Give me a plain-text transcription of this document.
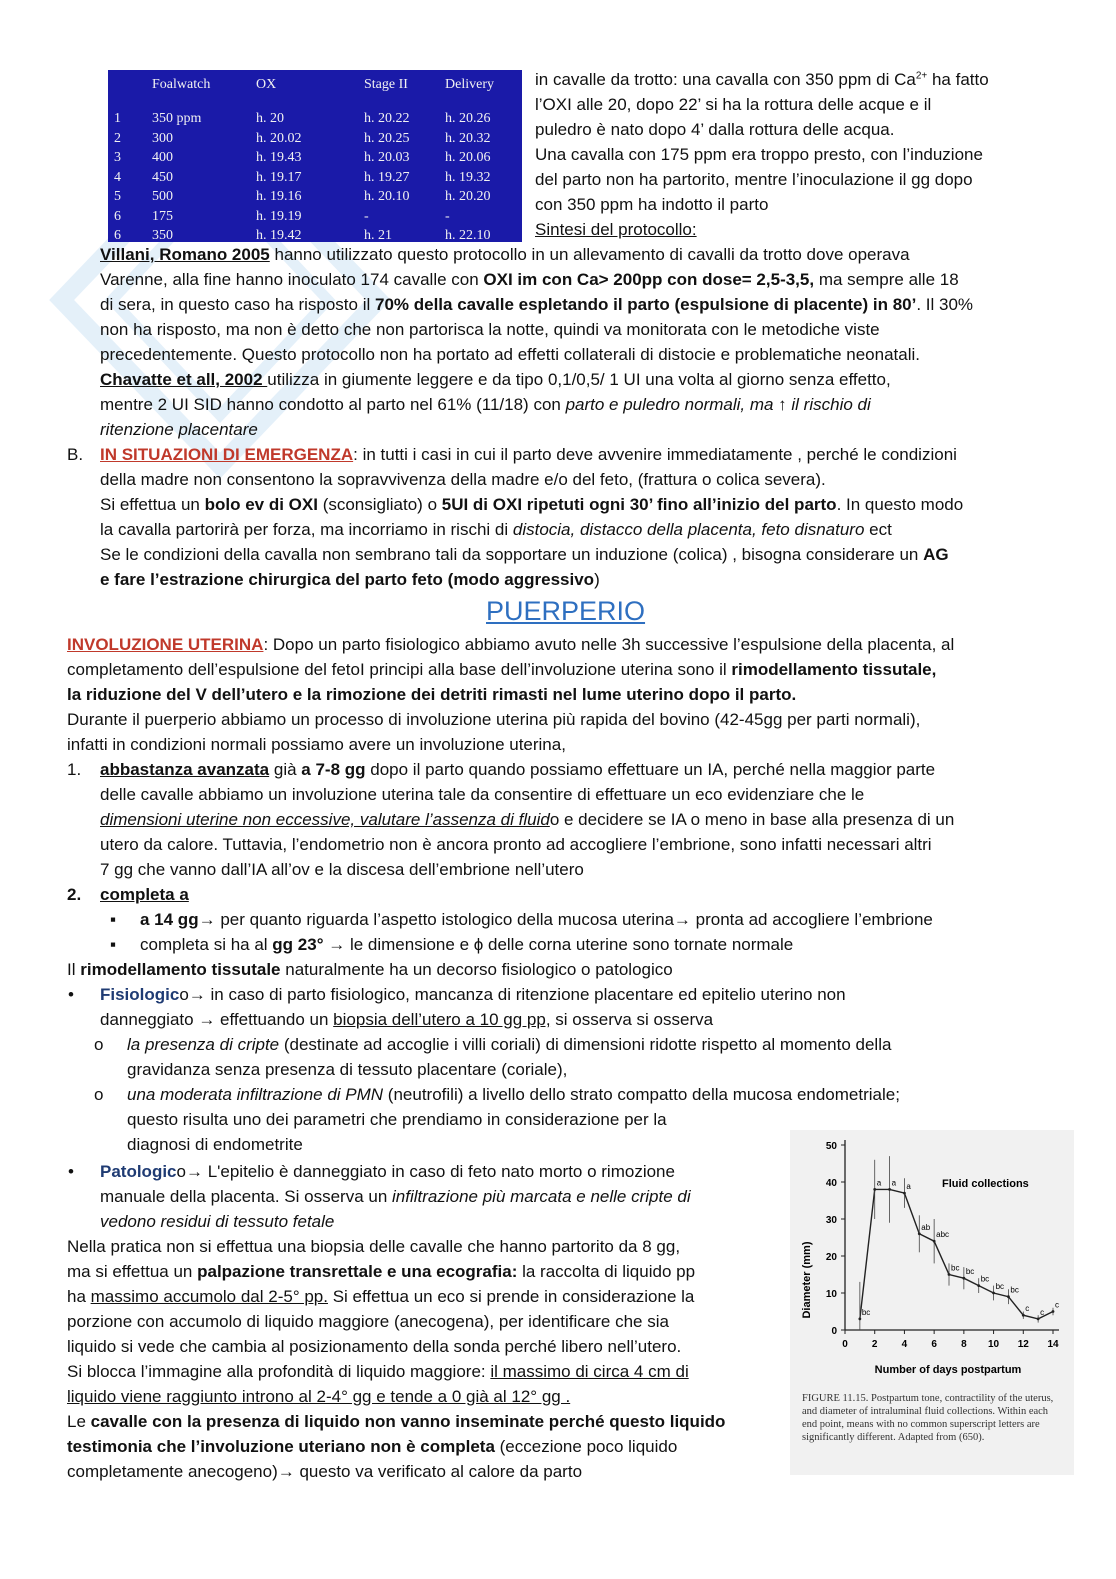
Foalwatch	OX	Stage II	Delivery
1 350 ppm	h. 20	h. 20.22	h. 20.26
2 300	h. 20.02	h. 20.25	h. 20.32
3 400	h. 19.43	h. 20.03	h. 20.06
4 450	h. 19.17	h. 19.27	h. 19.32
5 500	h. 19.16	h. 20.10	h. 20.20
6 175	h. 19.19	-	-
6 350	h. 19.42	h. 21	h. 22.10
in cavalle da trotto: una cavalla con 350 ppm di $Ca^{2+}$ ha fatto
l’OXI alle 20, dopo 22’ si ha la rottura delle acque e il
puledro è nato dopo 4’ dalla rottura delle acqua.
Una cavalla con 175 ppm era troppo presto, con l’induzione
del parto non ha partorito, mentre l’inoculazione il gg dopo
con 350 ppm ha indotto il parto
Sintesi del protocollo:
Villani, Romano 2005 hanno utilizzato questo protocollo in un allevamento di cavalli da trotto dove operava
Varenne, alla fine hanno inoculato 174 cavalle con OXI im con Ca> 200pp con dose= 2,5-3,5, ma sempre alle 18
di sera, in questo caso ha risposto il 70% della cavalle espletando il parto (espulsione di placente) in 80’. Il 30%
non ha risposto, ma non è detto che non partorisca la notte, quindi va monitorata con le metodiche viste
precedentemente. Questo protocollo non ha portato ad effetti collaterali di distocie e problematiche neonatali.
Chavatte et all, 2002 utilizza in giumente leggere e da tipo 0,1/0,5/ 1 UI una volta al giorno senza effetto,
mentre 2 UI SID hanno condotto al parto nel 61% (11/18) con parto e puledro normali, ma ↑ il rischio di
ritenzione placentare
B. IN SITUAZIONI DI EMERGENZA: in tutti i casi in cui il parto deve avvenire immediatamente , perché le condizioni
della madre non consentono la sopravvivenza della madre e/o del feto, (frattura o colica severa).
Si effettua un bolo ev di OXI (sconsigliato) o 5UI di OXI ripetuti ogni 30’ fino all’inizio del parto. In questo modo
la cavalla partorirà per forza, ma incorriamo in rischi di distocia, distacco della placenta, feto disnaturo ect
Se le condizioni della cavalla non sembrano tali da sopportare un induzione (colica) , bisogna considerare un AG
e fare l’estrazione chirurgica del parto feto (modo aggressivo)
PUERPERIO
INVOLUZIONE UTERINA: Dopo un parto fisiologico abbiamo avuto nelle 3h successive l’espulsione della placenta, al
completamento dell’espulsione del fetoI principi alla base dell’involuzione uterina sono il rimodellamento tissutale,
la riduzione del V dell’utero e la rimozione dei detriti rimasti nel lume uterino dopo il parto.
Durante il puerperio abbiamo un processo di involuzione uterina più rapida del bovino (42-45gg per parti normali),
infatti in condizioni normali possiamo avere un involuzione uterina,
1. abbastanza avanzata già a 7-8 gg dopo il parto quando possiamo effettuare un IA, perché nella maggior parte
delle cavalle abbiamo un involuzione uterina tale da consentire di effettuare un eco evidenziare che le
dimensioni uterine non eccessive, valutare l’assenza di fluido e decidere se IA o meno in base alla presenza di un
utero da calore. Tuttavia, l’endometrio non è ancora pronto ad accogliere l’embrione, sono infatti necessari altri
7 gg che vanno dall’IA all’ov e la discesa dell’embrione nell’utero
2. completa a
▪ a 14 gg→ per quanto riguarda l’aspetto istologico della mucosa uterina→ pronta ad accogliere l’embrione
▪ completa si ha al gg 23° → le dimensione e ϕ delle corna uterine sono tornate normale
Il rimodellamento tissutale naturalmente ha un decorso fisiologico o patologico
• Fisiologico→ in caso di parto fisiologico, mancanza di ritenzione placentare ed epitelio uterino non
danneggiato → effettuando un biopsia dell’utero a 10 gg pp, si osserva si osserva
o la presenza di cripte (destinate ad accoglie i villi coriali) di dimensioni ridotte rispetto al momento della
gravidanza senza presenza di tessuto placentare (coriale),
o una moderata infiltrazione di PMN (neutrofili) a livello dello strato compatto della mucosa endometriale;
questo risulta uno dei parametri che prendiamo in considerazione per la
diagnosi di endometrite
• Patologico→ L'epitelio è danneggiato in caso di feto nato morto o rimozione
manuale della placenta. Si osserva un infiltrazione più marcata e nelle cripte di
vedono residui di tessuto fetale
Nella pratica non si effettua una biopsia delle cavalle che hanno partorito da 8 gg,
ma si effettua un palpazione transrettale e una ecografia: la raccolta di liquido pp
ha massimo accumolo dal 2-5° pp. Si effettua un eco si prende in considerazione la
porzione con accumolo di liquido maggiore (anecogena), per identificare che sia
liquido si vede che cambia al posizionamento della sonda perché libero nell’utero.
Si blocca l’immagine alla profondità di liquido maggiore: il massimo di circa 4 cm di
liquido viene raggiunto introno al 2-4° gg e tende a 0 già al 12° gg .
Le cavalle con la presenza di liquido non vanno inseminate perché questo liquido
testimonia che l’involuzione uteriano non è completa (eccezione poco liquido
completamente anecogeno)→ questo va verificato al calore da parto
Diameter (mm)
Number of days postpartum
Fluid collections
50
40
30
20
10
0
0 2 4 6 8 10 12 14
bc
a a a
ab
abc
bc bc
bc
bc bc
c c
c
FIGURE 11.15. Postpartum tone, contractility of the uterus, and diameter of intraluminal fluid collections. Within each end point, means with no common superscript letters are significantly different. Adapted from (650).
